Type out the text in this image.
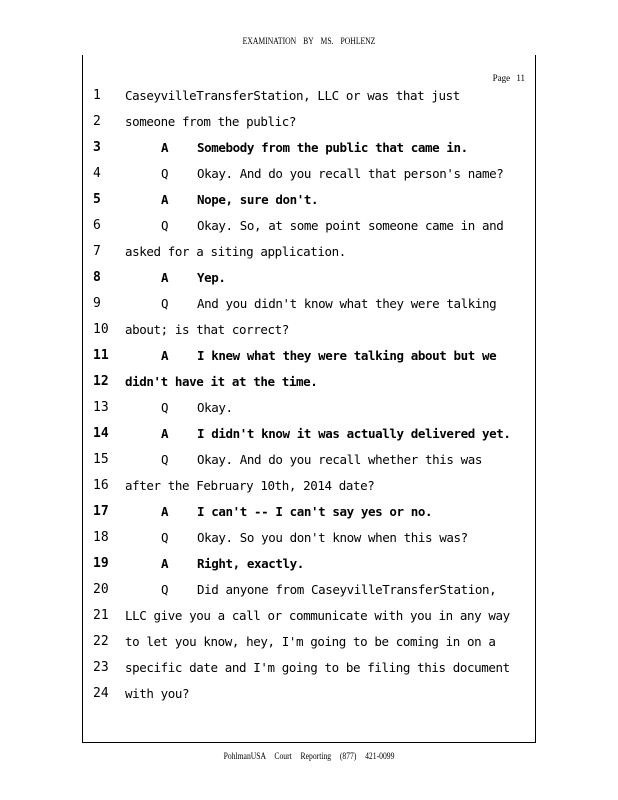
EXAMINATION BY MS. POHLENZ
Page 11
1	CaseyvilleTransferStation, LLC or was that just
2	someone from the public?
3	A Somebody from the public that came in.
4	Q Okay. And do you recall that person's name?
5	A Nope, sure don't.
6	Q Okay. So, at some point someone came in and
7	asked for a siting application.
8	A Yep.
9	Q And you didn't know what they were talking
10 about; is that correct?
11	A I knew what they were talking about but we
12 didn't have it at the time.
13	Q Okay.
14	A I didn't know it was actually delivered yet.
15	Q Okay. And do you recall whether this was
16 after the February 10th, 2014 date?
17	A I can't -- I can't say yes or no.
18	Q Okay. So you don't know when this was?
19	A Right, exactly.
20	Q Did anyone from CaseyvilleTransferStation,
21 LLC give you a call or communicate with you in any way
22 to let you know, hey, I'm going to be coming in on a
23 specific date and I'm going to be filing this document
24 with you?
PohlmanUSA Court Reporting (877) 421-0099
